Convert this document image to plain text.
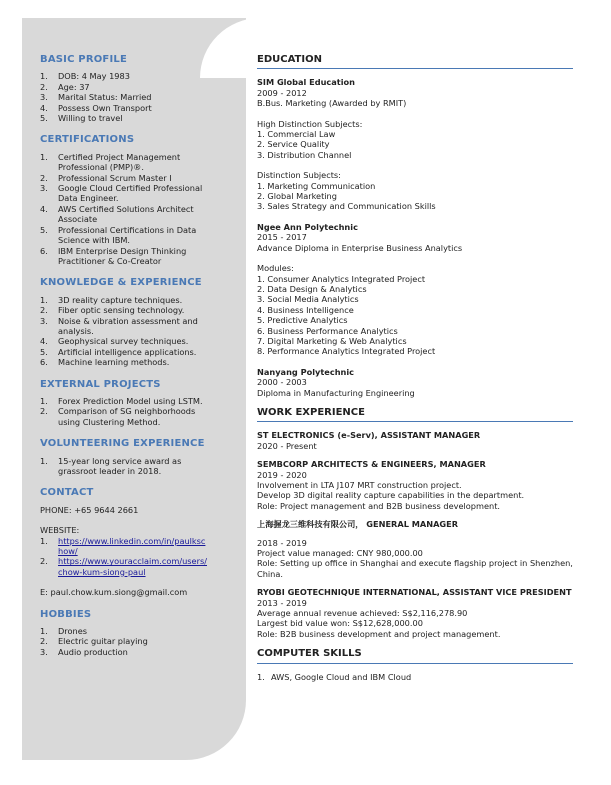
BASIC PROFILE
1.	DOB: 4 May 1983
2.	Age: 37
3.	Marital Status: Married
4.	Possess Own Transport
5.	Willing to travel
CERTIFICATIONS
1.	Certified Project Management Professional (PMP)®.
2.	Professional Scrum Master I
3.	Google Cloud Certified Professional Data Engineer.
4.	AWS Certified Solutions Architect Associate
5.	Professional Certifications in Data Science with IBM.
6.	IBM Enterprise Design Thinking Practitioner & Co-Creator
KNOWLEDGE & EXPERIENCE
1.	3D reality capture techniques.
2.	Fiber optic sensing technology.
3.	Noise & vibration assessment and analysis.
4.	Geophysical survey techniques.
5.	Artificial intelligence applications.
6.	Machine learning methods.
EXTERNAL PROJECTS
1.	Forex Prediction Model using LSTM.
2.	Comparison of SG neighborhoods using Clustering Method.
VOLUNTEERING EXPERIENCE
1.	15-year long service award as grassroot leader in 2018.
CONTACT

PHONE: +65 9644 2661

WEBSITE:

1.	https://www.linkedin.com/in/paulkschow/
2.	https://www.youracclaim.com/users/chow-kum-siong-paul

E: paul.chow.kum.siong@gmail.com

HOBBIES
1.	Drones
2.	Electric guitar playing
3.	Audio production
EDUCATION
SIM Global Education
2009 - 2012
B.Bus. Marketing (Awarded by RMIT)
High Distinction Subjects:
1. Commercial Law
2. Service Quality
3. Distribution Channel
Distinction Subjects:
1. Marketing Communication
2. Global Marketing
3. Sales Strategy and Communication Skills
Ngee Ann Polytechnic
2015 - 2017
Advance Diploma in Enterprise Business Analytics
Modules:
1. Consumer Analytics Integrated Project
2. Data Design & Analytics
3. Social Media Analytics
4. Business Intelligence
5. Predictive Analytics
6. Business Performance Analytics
7. Digital Marketing & Web Analytics
8. Performance Analytics Integrated Project
Nanyang Polytechnic
2000 - 2003
Diploma in Manufacturing Engineering
WORK EXPERIENCE
ST ELECTRONICS (e-Serv), ASSISTANT MANAGER
2020 - Present
SEMBCORP ARCHITECTS & ENGINEERS, MANAGER
2019 - 2020
Involvement in LTA J107 MRT construction project.
Develop 3D digital reality capture capabilities in the department.
Role: Project management and B2B business development.
上海握龙三维科技有限公司， GENERAL MANAGER
2018 - 2019
Project value managed: CNY 980,000.00
Role: Setting up office in Shanghai and execute flagship project in Shenzhen, China.
RYOBI GEOTECHNIQUE INTERNATIONAL, ASSISTANT VICE PRESIDENT
2013 - 2019
Average annual revenue achieved: S$2,116,278.90
Largest bid value won: S$12,628,000.00
Role: B2B business development and project management.
COMPUTER SKILLS
1. AWS, Google Cloud and IBM Cloud
